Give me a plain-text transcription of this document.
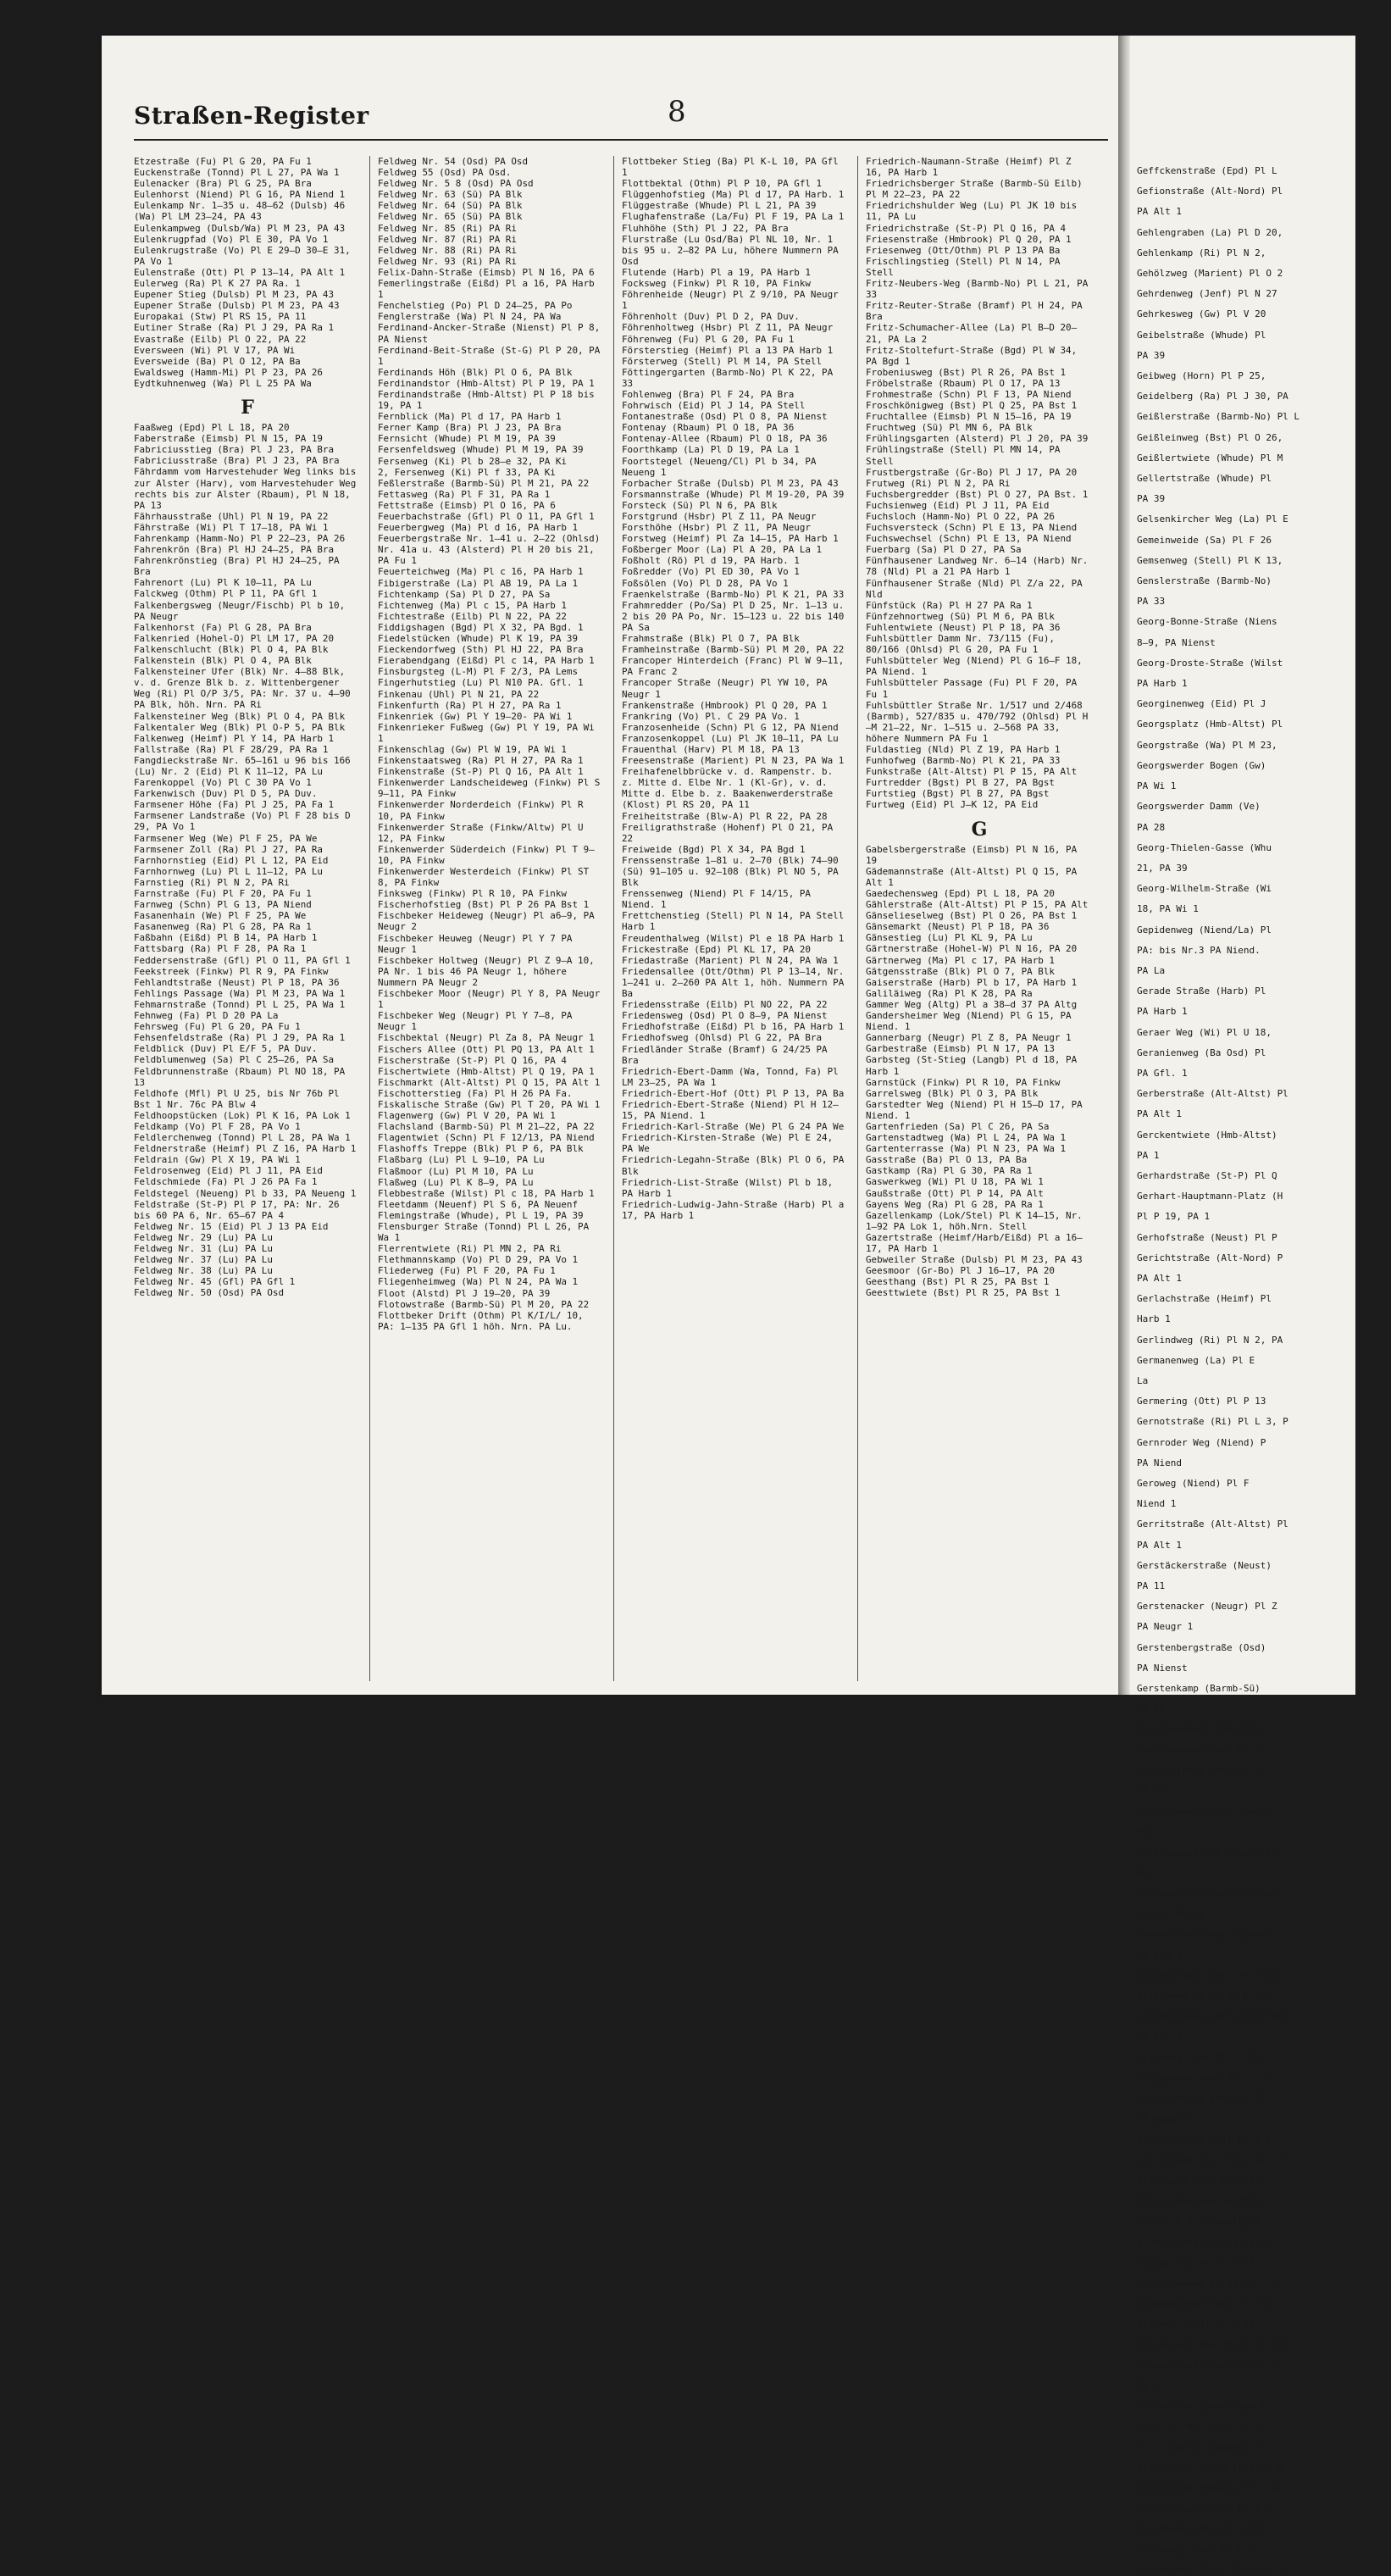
Straßen-Register	8

Etzestraße (Fu) Pl G 20, PA Fu 1

Euckenstraße (Tonnd) Pl L 27, PA Wa 1

Eulenacker (Bra) Pl G 25, PA Bra

Eulenhorst (Niend) Pl G 16, PA Niend 1

Eulenkamp Nr. 1—35 u. 48—62 (Dulsb) 46 (Wa) Pl LM 23—24, PA 43

Eulenkampweg (Dulsb/Wa) Pl M 23, PA 43

Eulenkrugpfad (Vo) Pl E 30, PA Vo 1

Eulenkrugstraße (Vo) Pl E 29—D 30—E 31, PA Vo 1

Eulenstraße (Ott) Pl P 13—14, PA Alt 1

Eulerweg (Ra) Pl K 27 PA Ra. 1

Eupener Stieg (Dulsb) Pl M 23, PA 43

Eupener Straße (Dulsb) Pl M 23, PA 43

Europakai (Stw) Pl RS 15, PA 11

Eutiner Straße (Ra) Pl J 29, PA Ra 1

Evastraße (Eilb) Pl O 22, PA 22

Eversween (Wi) Pl V 17, PA Wi

Eversweide (Ba) Pl O 12, PA Ba

Ewaldsweg (Hamm-Mi) Pl P 23, PA 26

Eydtkuhnenweg (Wa) Pl L 25 PA Wa

F

Faaßweg (Epd) Pl L 18, PA 20

Faberstraße (Eimsb) Pl N 15, PA 19

Fabriciusstieg (Bra) Pl J 23, PA Bra

Fabriciusstraße (Bra) Pl J 23, PA Bra

Fährdamm vom Harvestehuder Weg links bis zur Alster (Harv), vom Harvestehuder Weg rechts bis zur Alster (Rbaum), Pl N 18, PA 13

Fährhausstraße (Uhl) Pl N 19, PA 22

Fährstraße (Wi) Pl T 17—18, PA Wi 1

Fahrenkamp (Hamm-No) Pl P 22—23, PA 26

Fahrenkrön (Bra) Pl HJ 24—25, PA Bra

Fahrenkrönstieg (Bra) Pl HJ 24—25, PA Bra

Fahrenort (Lu) Pl K 10—11, PA Lu

Falckweg (Othm) Pl P 11, PA Gfl 1

Falkenbergsweg (Neugr/Fischb) Pl b 10, PA Neugr

Falkenhorst (Fa) Pl G 28, PA Bra

Falkenried (Hohel-O) Pl LM 17, PA 20

Falkenschlucht (Blk) Pl O 4, PA Blk

Falkenstein (Blk) Pl O 4, PA Blk

Falkensteiner Ufer (Blk) Nr. 4—88 Blk, v. d. Grenze Blk b. z. Wittenbergener Weg (Ri) Pl O/P 3/5, PA: Nr. 37 u. 4—90 PA Blk, höh. Nrn. PA Ri

Falkensteiner Weg (Blk) Pl O 4, PA Blk

Falkentaler Weg (Blk) Pl O-P 5, PA Blk

Falkenweg (Heimf) Pl Y 14, PA Harb 1

Fallstraße (Ra) Pl F 28/29, PA Ra 1

Fangdieckstraße Nr. 65—161 u 96 bis 166 (Lu) Nr. 2 (Eid) Pl K 11—12, PA Lu

Farenkoppel (Vo) Pl C 30 PA Vo 1

Farkenwisch (Duv) Pl D 5, PA Duv.

Farmsener Höhe (Fa) Pl J 25, PA Fa 1

Farmsener Landstraße (Vo) Pl F 28 bis D 29, PA Vo 1

Farmsener Weg (We) Pl F 25, PA We

Farmsener Zoll (Ra) Pl J 27, PA Ra

Farnhornstieg (Eid) Pl L 12, PA Eid

Farnhornweg (Lu) Pl L 11—12, PA Lu

Farnstieg (Ri) Pl N 2, PA Ri

Farnstraße (Fu) Pl F 20, PA Fu 1

Farnweg (Schn) Pl G 13, PA Niend

Fasanenhain (We) Pl F 25, PA We

Fasanenweg (Ra) Pl G 28, PA Ra 1

Faßbahn (Eißd) Pl B 14, PA Harb 1

Fattsbarg (Ra) Pl F 28, PA Ra 1

Feddersenstraße (Gfl) Pl O 11, PA Gfl 1

Feekstreek (Finkw) Pl R 9, PA Finkw

Fehlandtstraße (Neust) Pl P 18, PA 36

Fehlings Passage (Wa) Pl M 23, PA Wa 1

Fehmarnstraße (Tonnd) Pl L 25, PA Wa 1

Fehnweg (Fa) Pl D 20 PA La

Fehrsweg (Fu) Pl G 20, PA Fu 1

Fehsenfeldstraße (Ra) Pl J 29, PA Ra 1

Feldblick (Duv) Pl E/F 5, PA Duv.

Feldblumenweg (Sa) Pl C 25—26, PA Sa

Feldbrunnenstraße (Rbaum) Pl NO 18, PA 13

Feldhofe (Mfl) Pl U 25, bis Nr 76b Pl Bst 1 Nr. 76c PA Blw 4

Feldhoopstücken (Lok) Pl K 16, PA Lok 1

Feldkamp (Vo) Pl F 28, PA Vo 1

Feldlerchenweg (Tonnd) Pl L 28, PA Wa 1

Feldnerstraße (Heimf) Pl Z 16, PA Harb 1

Feldrain (Gw) Pl X 19, PA Wi 1

Feldrosenweg (Eid) Pl J 11, PA Eid

Feldschmiede (Fa) Pl J 26 PA Fa 1

Feldstegel (Neueng) Pl b 33, PA Neueng 1

Feldstraße (St-P) Pl P 17, PA: Nr. 26 bis 60 PA 6, Nr. 65—67 PA 4

Feldweg Nr. 15 (Eid) Pl J 13 PA Eid

Feldweg Nr. 29 (Lu) PA Lu

Feldweg Nr. 31 (Lu) PA Lu

Feldweg Nr. 37 (Lu) PA Lu

Feldweg Nr. 38 (Lu) PA Lu

Feldweg Nr. 45 (Gfl) PA Gfl 1

Feldweg Nr. 50 (Osd) PA Osd

Feldweg Nr. 54 (Osd) PA Osd

Feldweg 55 (Osd) PA Osd.

Feldweg Nr. 5 8 (Osd) PA Osd

Feldweg Nr. 63 (Sü) PA Blk

Feldweg Nr. 64 (Sü) PA Blk

Feldweg Nr. 65 (Sü) PA Blk

Feldweg Nr. 85 (Ri) PA Ri

Feldweg Nr. 87 (Ri) PA Ri

Feldweg Nr. 88 (Ri) PA Ri

Feldweg Nr. 93 (Ri) PA Ri

Felix-Dahn-Straße (Eimsb) Pl N 16, PA 6

Femerlingstraße (Eißd) Pl a 16, PA Harb 1

Fenchelstieg (Po) Pl D 24—25, PA Po

Fenglerstraße (Wa) Pl N 24, PA Wa

Ferdinand-Ancker-Straße (Nienst) Pl P 8, PA Nienst

Ferdinand-Beit-Straße (St-G) Pl P 20, PA 1

Ferdinands Höh (Blk) Pl O 6, PA Blk

Ferdinandstor (Hmb-Altst) Pl P 19, PA 1

Ferdinandstraße (Hmb-Altst) Pl P 18 bis 19, PA 1

Fernblick (Ma) Pl d 17, PA Harb 1

Ferner Kamp (Bra) Pl J 23, PA Bra

Fernsicht (Whude) Pl M 19, PA 39

Fersenfeldsweg (Whude) Pl M 19, PA 39

Fersenweg (Ki) Pl b 28—e 32, PA Ki

2, Fersenweg (Ki) Pl f 33, PA Ki

Feßlerstraße (Barmb-Sü) Pl M 21, PA 22

Fettasweg (Ra) Pl F 31, PA Ra 1

Fettstraße (Eimsb) Pl O 16, PA 6

Feuerbachstraße (Gfl) Pl O 11, PA Gfl 1

Feuerbergweg (Ma) Pl d 16, PA Harb 1

Feuerbergstraße Nr. 1—41 u. 2—22 (Ohlsd) Nr. 41a u. 43 (Alsterd) Pl H 20 bis 21, PA Fu 1

Feuerteichweg (Ma) Pl c 16, PA Harb 1

Fibigerstraße (La) Pl AB 19, PA La 1

Fichtenkamp (Sa) Pl D 27, PA Sa

Fichtenweg (Ma) Pl c 15, PA Harb 1

Fichtestraße (Eilb) Pl N 22, PA 22

Fiddigshagen (Bgd) Pl X 32, PA Bgd. 1

Fiedelstücken (Whude) Pl K 19, PA 39

Fieckendorfweg (Sth) Pl HJ 22, PA Bra

Fierabendgang (Eißd) Pl c 14, PA Harb 1

Finsburgsteg (L-M) Pl F 2/3, PA Lems

Fingerhutstieg (Lu) Pl N10 PA. Gfl. 1

Finkenau (Uhl) Pl N 21, PA 22

Finkenfurth (Ra) Pl H 27, PA Ra 1

Finkenriek (Gw) Pl Y 19—20- PA Wi 1

Finkenrieker Fußweg (Gw) Pl Y 19, PA Wi 1

Finkenschlag (Gw) Pl W 19, PA Wi 1

Finkenstaatsweg (Ra) Pl H 27, PA Ra 1

Finkenstraße (St-P) Pl Q 16, PA Alt 1

Finkenwerder Landscheideweg (Finkw) Pl S 9—11, PA Finkw

Finkenwerder Norderdeich (Finkw) Pl R 10, PA Finkw

Finkenwerder Straße (Finkw/Altw) Pl U 12, PA Finkw

Finkenwerder Süderdeich (Finkw) Pl T 9—10, PA Finkw

Finkenwerder Westerdeich (Finkw) Pl ST 8, PA Finkw

Finksweg (Finkw) Pl R 10, PA Finkw

Fischerhofstieg (Bst) Pl P 26 PA Bst 1

Fischbeker Heideweg (Neugr) Pl a6—9, PA Neugr 2

Fischbeker Heuweg (Neugr) Pl Y 7 PA Neugr 1

Fischbeker Holtweg (Neugr) Pl Z 9—A 10, PA Nr. 1 bis 46 PA Neugr 1, höhere Nummern PA Neugr 2

Fischbeker Moor (Neugr) Pl Y 8, PA Neugr 1

Fischbeker Weg (Neugr) Pl Y 7—8, PA Neugr 1

Fischbektal (Neugr) Pl Za 8, PA Neugr 1

Fischers Allee (Ott) Pl PQ 13, PA Alt 1

Fischerstraße (St-P) Pl Q 16, PA 4

Fischertwiete (Hmb-Altst) Pl Q 19, PA 1

Fischmarkt (Alt-Altst) Pl Q 15, PA Alt 1

Fischotterstieg (Fa) Pl H 26 PA Fa.

Fiskalische Straße (Gw) Pl T 20, PA Wi 1

Flagenwerg (Gw) Pl V 20, PA Wi 1

Flachsland (Barmb-Sü) Pl M 21—22, PA 22

Flagentwiet (Schn) Pl F 12/13, PA Niend

Flashoffs Treppe (Blk) Pl P 6, PA Blk

Flaßbarg (Lu) Pl L 9—10, PA Lu

Flaßmoor (Lu) Pl M 10, PA Lu

Flaßweg (Lu) Pl K 8—9, PA Lu

Flebbestraße (Wilst) Pl c 18, PA Harb 1

Fleetdamm (Neuenf) Pl S 6, PA Neuenf

Flemingstraße (Whude), Pl L 19, PA 39

Flensburger Straße (Tonnd) Pl L 26, PA Wa 1

Flerrentwiete (Ri) Pl MN 2, PA Ri

Flethmannskamp (Vo) Pl D 29, PA Vo 1

Fliederweg (Fu) Pl F 20, PA Fu 1

Fliegenheimweg (Wa) Pl N 24, PA Wa 1

Floot (Alstd) Pl J 19—20, PA 39

Flotowstraße (Barmb-Sü) Pl M 20, PA 22

Flottbeker Drift (Othm) Pl K/I/L/ 10, PA: 1—135 PA Gfl 1 höh. Nrn. PA Lu.

Flottbeker Stieg (Ba) Pl K-L 10, PA Gfl 1

Flottbektal (Othm) Pl P 10, PA Gfl 1

Flüggenhofstieg (Ma) Pl d 17, PA Harb. 1

Flüggestraße (Whude) Pl L 21, PA 39

Flughafenstraße (La/Fu) Pl F 19, PA La 1

Fluhhöhe (Sth) Pl J 22, PA Bra

Flurstraße (Lu Osd/Ba) Pl NL 10, Nr. 1 bis 95 u. 2—82 PA Lu, höhere Nummern PA Osd

Flutende (Harb) Pl a 19, PA Harb 1

Focksweg (Finkw) Pl R 10, PA Finkw

Föhrenheide (Neugr) Pl Z 9/10, PA Neugr 1

Föhrenholt (Duv) Pl D 2, PA Duv.

Föhrenholtweg (Hsbr) Pl Z 11, PA Neugr

Föhrenweg (Fu) Pl G 20, PA Fu 1

Försterstieg (Heimf) Pl a 13 PA Harb 1

Försterweg (Stell) Pl M 14, PA Stell

Föttingergarten (Barmb-No) Pl K 22, PA 33

Fohlenweg (Bra) Pl F 24, PA Bra

Fohrwisch (Eid) Pl J 14, PA Stell

Fontanestraße (Osd) Pl O 8, PA Nienst

Fontenay (Rbaum) Pl O 18, PA 36

Fontenay-Allee (Rbaum) Pl O 18, PA 36

Foorthkamp (La) Pl D 19, PA La 1

Foortstegel (Neueng/Cl) Pl b 34, PA Neueng 1

Forbacher Straße (Dulsb) Pl M 23, PA 43

Forsmannstraße (Whude) Pl M 19-20, PA 39

Forsteck (Sü) Pl N 6, PA Blk

Forstgrund (Hsbr) Pl Z 11, PA Neugr

Forsthöhe (Hsbr) Pl Z 11, PA Neugr

Forstweg (Heimf) Pl Za 14—15, PA Harb 1

Foßberger Moor (La) Pl A 20, PA La 1

Foßholt (Rö) Pl d 19, PA Harb. 1

Foßredder (Vo) Pl ED 30, PA Vo 1

Foßsölen (Vo) Pl D 28, PA Vo 1

Fraenkelstraße (Barmb-No) Pl K 21, PA 33

Frahmredder (Po/Sa) Pl D 25, Nr. 1—13 u. 2 bis 20 PA Po, Nr. 15—123 u. 22 bis 140 PA Sa

Frahmstraße (Blk) Pl O 7, PA Blk

Framheinstraße (Barmb-Sü) Pl M 20, PA 22

Francoper Hinterdeich (Franc) Pl W 9—11, PA Franc 2

Francoper Straße (Neugr) Pl YW 10, PA Neugr 1

Frankenstraße (Hmbrook) Pl Q 20, PA 1

Frankring (Vo) Pl. C 29 PA Vo. 1

Franzosenheide (Schn) Pl G 12, PA Niend

Franzosenkoppel (Lu) Pl JK 10—11, PA Lu

Frauenthal (Harv) Pl M 18, PA 13

Freesenstraße (Marient) Pl N 23, PA Wa 1

Freihafenelbbrücke v. d. Rampenstr. b. z. Mitte d. Elbe Nr. 1 (Kl-Gr), v. d. Mitte d. Elbe b. z. Baakenwerderstraße (Klost) Pl RS 20, PA 11

Freiheitstraße (Blw-A) Pl R 22, PA 28

Freiligrathstraße (Hohenf) Pl O 21, PA 22

Freiweide (Bgd) Pl X 34, PA Bgd 1

Frenssenstraße 1—81 u. 2—70 (Blk) 74—90 (Sü) 91—105 u. 92—108 (Blk) Pl NO 5, PA Blk

Frenssenweg (Niend) Pl F 14/15, PA Niend. 1

Frettchenstieg (Stell) Pl N 14, PA Stell Harb 1

Freudenthalweg (Wilst) Pl e 18 PA Harb 1

Frickestraße (Epd) Pl KL 17, PA 20

Friedastraße (Marient) Pl N 24, PA Wa 1

Friedensallee (Ott/Othm) Pl P 13—14, Nr. 1—241 u. 2—260 PA Alt 1, höh. Nummern PA Ba

Friedensstraße (Eilb) Pl NO 22, PA 22

Friedensweg (Osd) Pl O 8—9, PA Nienst

Friedhofstraße (Eißd) Pl b 16, PA Harb 1

Friedhofsweg (Ohlsd) Pl G 22, PA Bra

Friedländer Straße (Bramf) G 24/25 PA Bra

Friedrich-Ebert-Damm (Wa, Tonnd, Fa) Pl LM 23—25, PA Wa 1

Friedrich-Ebert-Hof (Ott) Pl P 13, PA Ba

Friedrich-Ebert-Straße (Niend) Pl H 12—15, PA Niend. 1

Friedrich-Karl-Straße (We) Pl G 24 PA We

Friedrich-Kirsten-Straße (We) Pl E 24, PA We

Friedrich-Legahn-Straße (Blk) Pl O 6, PA Blk

Friedrich-List-Straße (Wilst) Pl b 18, PA Harb 1

Friedrich-Ludwig-Jahn-Straße (Harb) Pl a 17, PA Harb 1

Friedrich-Naumann-Straße (Heimf) Pl Z 16, PA Harb 1

Friedrichsberger Straße (Barmb-Sü Eilb) Pl M 22—23, PA 22

Friedrichshulder Weg (Lu) Pl JK 10 bis 11, PA Lu

Friedrichstraße (St-P) Pl Q 16, PA 4

Friesenstraße (Hmbrook) Pl Q 20, PA 1

Friesenweg (Ott/Othm) Pl P 13 PA Ba

Frischlingstieg (Stell) Pl N 14, PA Stell

Fritz-Neubers-Weg (Barmb-No) Pl L 21, PA 33

Fritz-Reuter-Straße (Bramf) Pl H 24, PA Bra

Fritz-Schumacher-Allee (La) Pl B—D 20—21, PA La 2

Fritz-Stoltefurt-Straße (Bgd) Pl W 34, PA Bgd 1

Frobeniusweg (Bst) Pl R 26, PA Bst 1

Fröbelstraße (Rbaum) Pl O 17, PA 13

Frohmestraße (Schn) Pl F 13, PA Niend

Froschkönigweg (Bst) Pl Q 25, PA Bst 1

Fruchtallee (Eimsb) Pl N 15—16, PA 19

Fruchtweg (Sü) Pl MN 6, PA Blk

Frühlingsgarten (Alsterd) Pl J 20, PA 39

Frühlingstraße (Stell) Pl MN 14, PA Stell

Frustbergstraße (Gr-Bo) Pl J 17, PA 20

Frutweg (Ri) Pl N 2, PA Ri

Fuchsbergredder (Bst) Pl O 27, PA Bst. 1

Fuchsienweg (Eid) Pl J 11, PA Eid

Fuchsloch (Hamm-No) Pl O 22, PA 26

Fuchsversteck (Schn) Pl E 13, PA Niend

Fuchswechsel (Schn) Pl E 13, PA Niend

Fuerbarg (Sa) Pl D 27, PA Sa

Fünfhausener Landweg Nr. 6—14 (Harb) Nr. 78 (Nld) Pl a 21 PA Harb 1

Fünfhausener Straße (Nld) Pl Z/a 22, PA Nld

Fünfstück (Ra) Pl H 27 PA Ra 1

Fünfzehnortweg (Sü) Pl M 6, PA Blk

Fuhlentwiete (Neust) Pl P 18, PA 36

Fuhlsbüttler Damm Nr. 73/115 (Fu), 80/166 (Ohlsd) Pl G 20, PA Fu 1

Fuhlsbütteler Weg (Niend) Pl G 16—F 18, PA Niend. 1

Fuhlsbütteler Passage (Fu) Pl F 20, PA Fu 1

Fuhlsbüttler Straße Nr. 1/517 und 2/468 (Barmb), 527/835 u. 470/792 (Ohlsd) Pl H—M 21—22, Nr. 1—515 u. 2—568 PA 33, höhere Nummern PA Fu 1

Fuldastieg (Nld) Pl Z 19, PA Harb 1

Funhofweg (Barmb-No) Pl K 21, PA 33

Funkstraße (Alt-Altst) Pl P 15, PA Alt

Furtredder (Bgst) Pl B 27, PA Bgst

Furtstieg (Bgst) Pl B 27, PA Bgst

Furtweg (Eid) Pl J—K 12, PA Eid

G

Gabelsbergerstraße (Eimsb) Pl N 16, PA 19

Gädemannstraße (Alt-Altst) Pl Q 15, PA Alt 1

Gaedechensweg (Epd) Pl L 18, PA 20

Gählerstraße (Alt-Altst) Pl P 15, PA Alt

Gänselieselweg (Bst) Pl O 26, PA Bst 1

Gänsemarkt (Neust) Pl P 18, PA 36

Gänsestieg (Lu) Pl KL 9, PA Lu

Gärtnerstraße (Hohel-W) Pl N 16, PA 20

Gärtnerweg (Ma) Pl c 17, PA Harb 1

Gätgensstraße (Blk) Pl O 7, PA Blk

Gaiserstraße (Harb) Pl b 17, PA Harb 1

Galiläiweg (Ra) Pl K 28, PA Ra

Gammer Weg (Altg) Pl a 38—d 37 PA Altg

Gandersheimer Weg (Niend) Pl G 15, PA Niend. 1

Gannerbarg (Neugr) Pl Z 8, PA Neugr 1

Garbestraße (Eimsb) Pl N 17, PA 13

Garbsteg (St-Stieg (Langb) Pl d 18, PA Harb 1

Garnstück (Finkw) Pl R 10, PA Finkw

Garrelsweg (Blk) Pl O 3, PA Blk

Garstedter Weg (Niend) Pl H 15—D 17, PA Niend. 1

Gartenfrieden (Sa) Pl C 26, PA Sa

Gartenstadtweg (Wa) Pl L 24, PA Wa 1

Gartenterrasse (Wa) Pl N 23, PA Wa 1

Gasstraße (Ba) Pl O 13, PA Ba

Gastkamp (Ra) Pl G 30, PA Ra 1

Gaswerkweg (Wi) Pl U 18, PA Wi 1

Gaußstraße (Ott) Pl P 14, PA Alt

Gayens Weg (Ra) Pl G 28, PA Ra 1

Gazellenkamp (Lok/Stel) Pl K 14—15, Nr. 1—92 PA Lok 1, höh.Nrn. Stell

Gazertstraße (Heimf/Harb/Eißd) Pl a 16—17, PA Harb 1

Gebweiler Straße (Dulsb) Pl M 23, PA 43

Geesmoor (Gr-Bo) Pl J 16—17, PA 20

Geesthang (Bst) Pl R 25, PA Bst 1

Geesttwiete (Bst) Pl R 25, PA Bst 1

Geffckenstraße (Epd) Pl L

Gefionstraße (Alt-Nord) Pl

PA Alt 1

Gehlengraben (La) Pl D 20,

Gehlenkamp (Ri) Pl N 2,

Gehölzweg (Marient) Pl O 2

Gehrdenweg (Jenf) Pl N 27

Gehrkesweg (Gw) Pl V 20

Geibelstraße (Whude) Pl

PA 39

Geibweg (Horn) Pl P 25,

Geidelberg (Ra) Pl J 30, PA

Geißlerstraße (Barmb-No) Pl L

Geißleinweg (Bst) Pl O 26,

Geißlertwiete (Whude) Pl M

Gellertstraße (Whude) Pl

PA 39

Gelsenkircher Weg (La) Pl E

Gemeinweide (Sa) Pl F 26

Gemsenweg (Stell) Pl K 13,

Genslerstraße (Barmb-No)

PA 33

Georg-Bonne-Straße (Niens

8—9, PA Nienst

Georg-Droste-Straße (Wilst

PA Harb 1

Georginenweg (Eid) Pl J

Georgsplatz (Hmb-Altst) Pl

Georgstraße (Wa) Pl M 23,

Georgswerder Bogen (Gw)

PA Wi 1

Georgswerder Damm (Ve)

PA 28

Georg-Thielen-Gasse (Whu

21, PA 39

Georg-Wilhelm-Straße (Wi

18, PA Wi 1

Gepidenweg (Niend/La) Pl

PA: bis Nr.3 PA Niend.

PA La

Gerade Straße (Harb) Pl

PA Harb 1

Geraer Weg (Wi) Pl U 18,

Geranienweg (Ba Osd) Pl

PA Gfl. 1

Gerberstraße (Alt-Altst) Pl

PA Alt 1

Gerckentwiete (Hmb-Altst)

PA 1

Gerhardstraße (St-P) Pl Q

Gerhart-Hauptmann-Platz (H

Pl P 19, PA 1

Gerhofstraße (Neust) Pl P

Gerichtstraße (Alt-Nord) P

PA Alt 1

Gerlachstraße (Heimf) Pl

Harb 1

Gerlindweg (Ri) Pl N 2, PA

Germanenweg (La) Pl E

La

Germering (Ott) Pl P 13

Gernotstraße (Ri) Pl L 3, P

Gernroder Weg (Niend) P

PA Niend

Geroweg (Niend) Pl F

Niend 1

Gerritstraße (Alt-Altst) Pl

PA Alt 1

Gerstäckerstraße (Neust)

PA 11

Gerstenacker (Neugr) Pl Z

PA Neugr 1

Gerstenbergstraße (Osd)

PA Nienst

Gerstenkamp (Barmb-Sü)

PA 22

Gerstenkoppel (Ra) Pl H

Gerstenwiese (Ra) Pl H

Gertigstraße (Whude) Pl

PA 39

Gertrudenkirchhof (Hmb-A

PA 1

Gertrudenstraße (Hmb-Alts

PA 1

Geschwister-Scholl-Straße

17—18, PA 20

Gewerkschaftsweg (Lohbr)

PA Bgd 1

Giesestraße (Gfl) Pl O 11—

Giffeyweg (Bra) Pl H 25,

Gilberstraße (Alt-Altst/Sül

PA Alt 1

Gildeweg (Sa) Pl. F 26

Gilgegrund (Wa) Pl. L 23

Ginsterheide (Neugr) Pl

PA Neugr 1

Ginsterstieg (Ri) Pl N 2,

Girlitzweg (Lu) Pl J 11, P

Giselaweg (Fu) Pl F 19,

Glacischaussee von Mil

rechts b z Stevekingpl

v. Millerntorplatz links

straße (St-P) Pl P 17,

Gladiolenweg (Eid) Pl J 1

Gladowstraße (Wa) Pl M 2

Glaßweg (Bgd) Pl X 33

Glasbergstraße (Bst) Pl P 2

Glashüttenstraße (St-P) Pl

PA 6

Glashütter Landstraße (

21—E 21, Nr. 1—41 u. 2—

Fu 1, übrige Nummern F

Glashütter Stieg (Hu) Pl B

Gleisstieg (Neugr) Pl Y 9,

Glindersweg (Bgd) Pl W 3

Glindkamp (Ra) Pl G 30

Glindweg (Osd) Pl L-M

Glindwiese (Bra) Pl J 23, P
